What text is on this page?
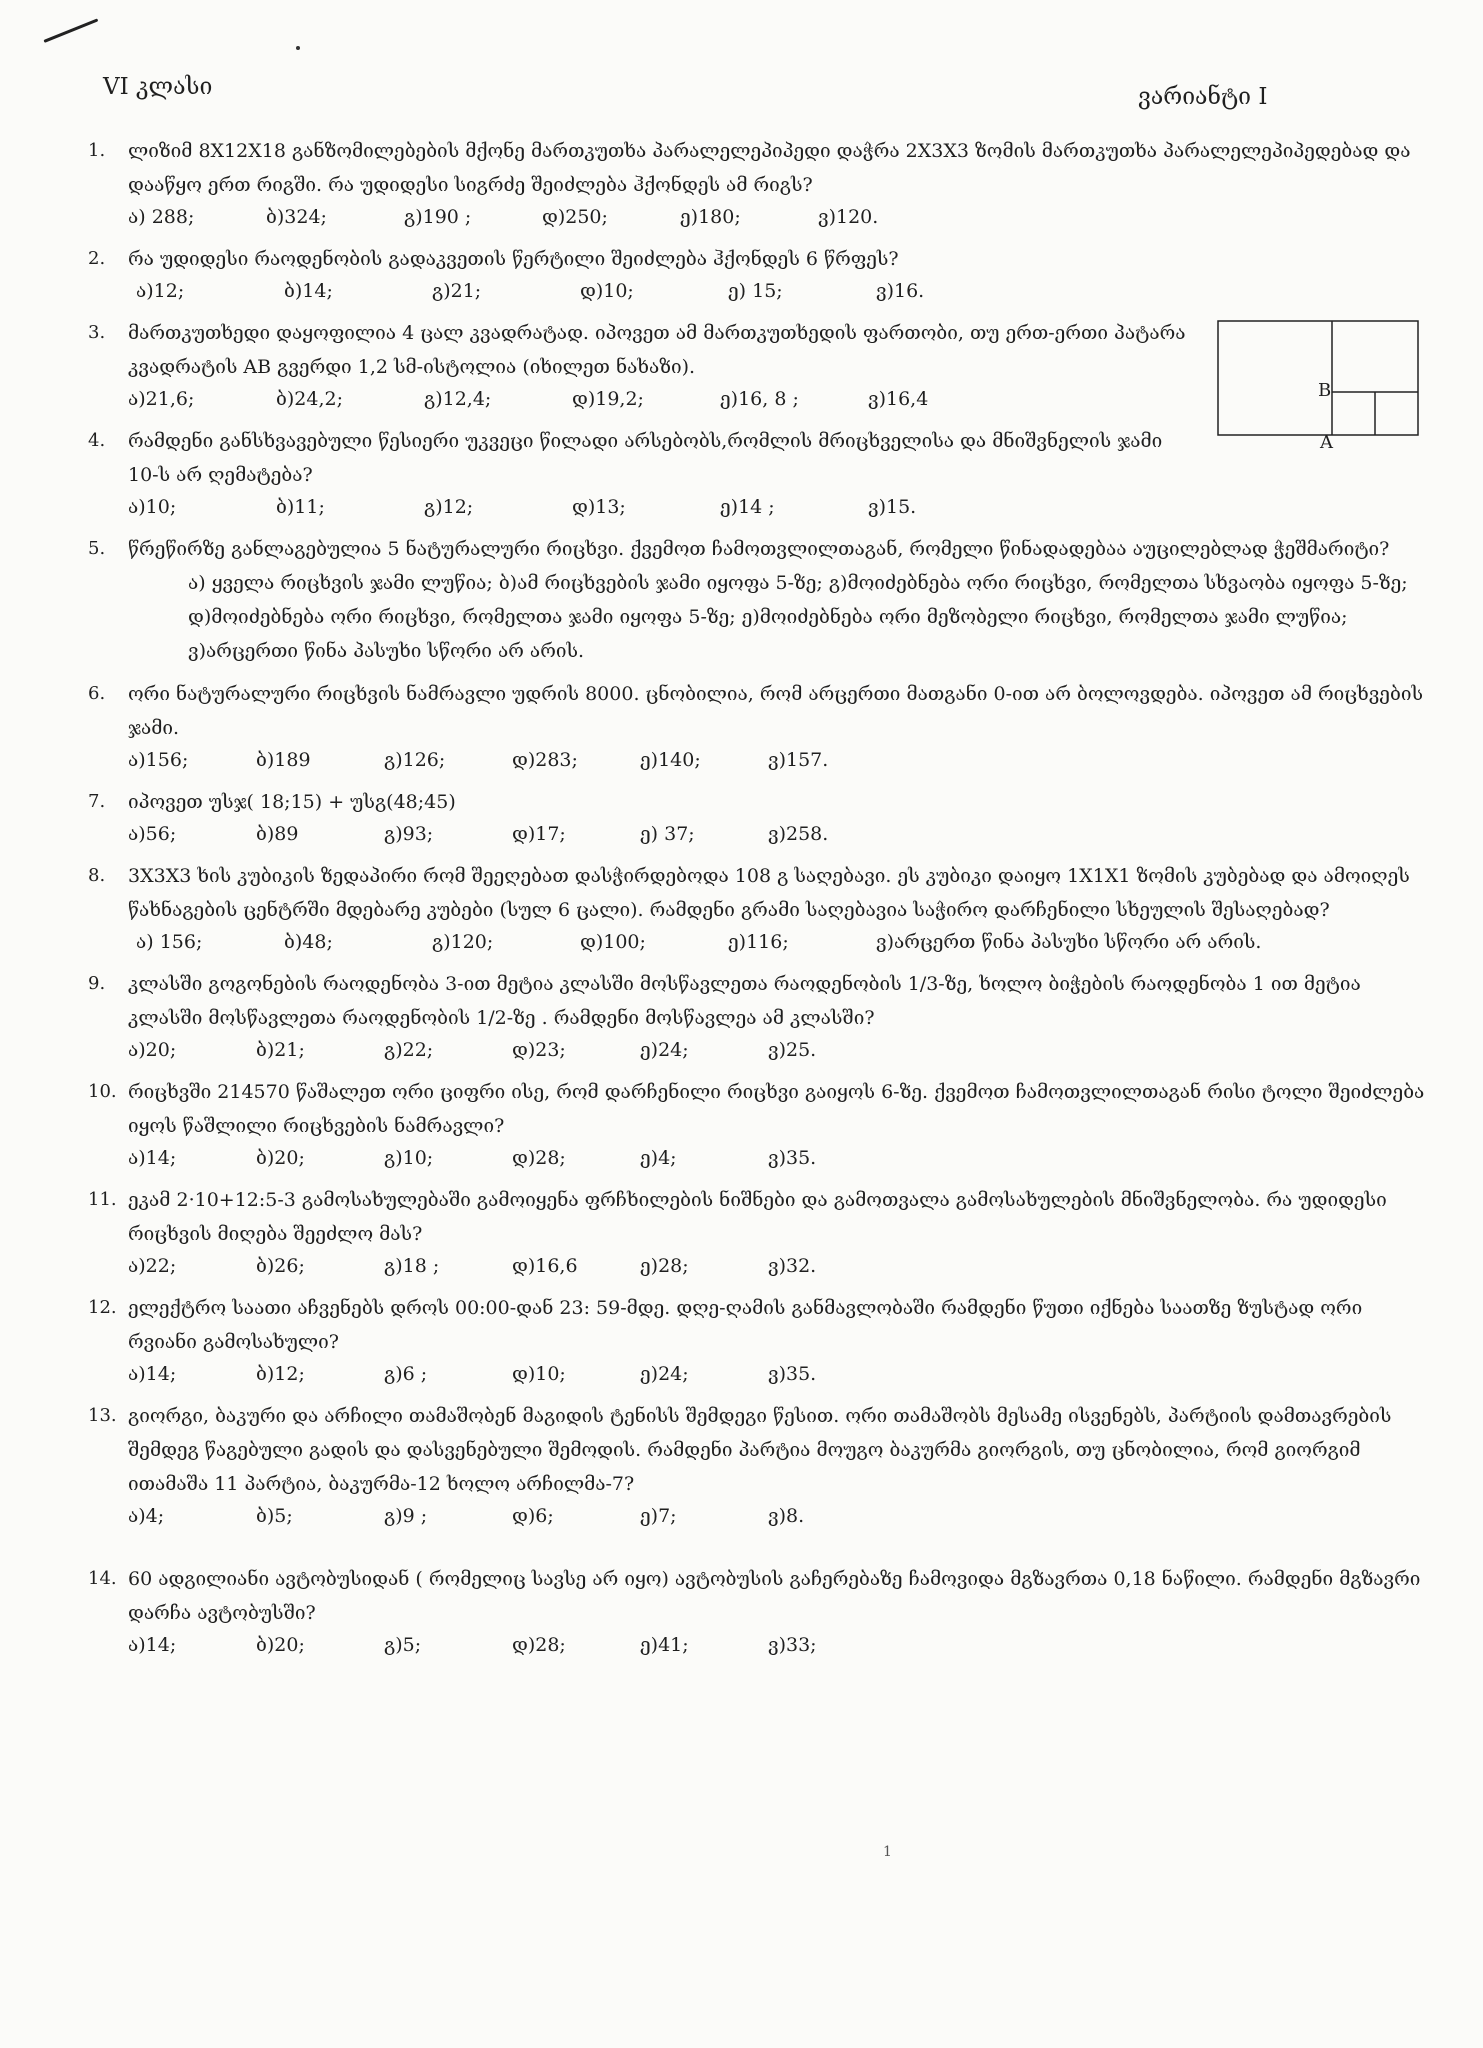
VI კლასი	ვარიანტი I
1.	ლიზიმ 8X12X18 განზომილებების მქონე მართკუთხა პარალელეპიპედი დაჭრა 2X3X3 ზომის მართკუთხა პარალელეპიპედებად და დააწყო ერთ რიგში. რა უდიდესი სიგრძე შეიძლება ჰქონდეს ამ რიგს?
ა) 288;	ბ)324;	გ)190 ;	დ)250;	ე)180;	ვ)120.
2.	რა უდიდესი რაოდენობის გადაკვეთის წერტილი შეიძლება ჰქონდეს 6 წრფეს?
ა)12;	ბ)14;	გ)21;	დ)10;	ე) 15;	ვ)16.
3.	მართკუთხედი დაყოფილია 4 ცალ კვადრატად. იპოვეთ ამ მართკუთხედის ფართობი, თუ ერთ-ერთი პატარა კვადრატის AB გვერდი 1,2 სმ-ისტოლია (იხილეთ ნახაზი).
ა)21,6;	ბ)24,2;	გ)12,4;	დ)19,2;	ე)16, 8 ;	ვ)16,4
4.	რამდენი განსხვავებული წესიერი უკვეცი წილადი არსებობს,რომლის მრიცხველისა და მნიშვნელის ჯამი 10-ს არ ღემატება?
ა)10;	ბ)11;	გ)12;	დ)13;	ე)14 ;	ვ)15.
5.	წრეწირზე განლაგებულია 5 ნატურალური რიცხვი. ქვემოთ ჩამოთვლილთაგან, რომელი წინადადებაა აუცილებლად ჭეშმარიტი?
ა) ყველა რიცხვის ჯამი ლუწია; ბ)ამ რიცხვების ჯამი იყოფა 5-ზე; გ)მოიძებნება ორი რიცხვი, რომელთა სხვაობა იყოფა 5-ზე; დ)მოიძებნება ორი რიცხვი, რომელთა ჯამი იყოფა 5-ზე; ე)მოიძებნება ორი მეზობელი რიცხვი, რომელთა ჯამი ლუწია; ვ)არცერთი წინა პასუხი სწორი არ არის.
6.	ორი ნატურალური რიცხვის ნამრავლი უდრის 8000. ცნობილია, რომ არცერთი მათგანი 0-ით არ ბოლოვდება. იპოვეთ ამ რიცხვების ჯამი.
ა)156;	ბ)189	გ)126;	დ)283;	ე)140;	ვ)157.
7.	იპოვეთ უსჯ( 18;15) + უსგ(48;45)
ა)56;	ბ)89	გ)93;	დ)17;	ე) 37;	ვ)258.
8.	3X3X3 ხის კუბიკის ზედაპირი რომ შეეღებათ დასჭირდებოდა 108 გ საღებავი. ეს კუბიკი დაიყო 1X1X1 ზომის კუბებად და ამოიღეს წახნაგების ცენტრში მდებარე კუბები (სულ 6 ცალი). რამდენი გრამი საღებავია საჭირო დარჩენილი სხეულის შესაღებად?
ა) 156;	ბ)48;	გ)120;	დ)100;	ე)116;	ვ)არცერთ წინა პასუხი სწორი არ არის.
9.	კლასში გოგონების რაოდენობა 3-ით მეტია კლასში მოსწავლეთა რაოდენობის 1/3-ზე, ხოლო ბიჭების რაოდენობა 1 ით მეტია კლასში მოსწავლეთა რაოდენობის 1/2-ზე . რამდენი მოსწავლეა ამ კლასში?
ა)20;	ბ)21;	გ)22;	დ)23;	ე)24;	ვ)25.
10. რიცხვში 214570 წაშალეთ ორი ციფრი ისე, რომ დარჩენილი რიცხვი გაიყოს 6-ზე. ქვემოთ ჩამოთვლილთაგან რისი ტოლი შეიძლება იყოს წაშლილი რიცხვების ნამრავლი?
ა)14;	ბ)20;	გ)10;	დ)28;	ე)4;	ვ)35.
11. ეკამ 2·10+12:5-3 გამოსახულებაში გამოიყენა ფრჩხილების ნიშნები და გამოთვალა გამოსახულების მნიშვნელობა. რა უდიდესი რიცხვის მიღება შეეძლო მას?
ა)22;	ბ)26;	გ)18 ;	დ)16,6	ე)28;	ვ)32.
12. ელექტრო საათი აჩვენებს დროს 00:00-დან 23: 59-მდე. დღე-ღამის განმავლობაში რამდენი წუთი იქნება საათზე ზუსტად ორი რვიანი გამოსახული?
ა)14;	ბ)12;	გ)6 ;	დ)10;	ე)24;	ვ)35.
13. გიორგი, ბაკური და არჩილი თამაშობენ მაგიდის ტენისს შემდეგი წესით. ორი თამაშობს მესამე ისვენებს, პარტიის დამთავრების შემდეგ წაგებული გადის და დასვენებული შემოდის. რამდენი პარტია მოუგო ბაკურმა გიორგის, თუ ცნობილია, რომ გიორგიმ ითამაშა 11 პარტია, ბაკურმა-12 ხოლო არჩილმა-7?
ა)4;	ბ)5;	გ)9 ;	დ)6;	ე)7;	ვ)8.
14. 60 ადგილიანი ავტობუსიდან ( რომელიც სავსე არ იყო) ავტობუსის გაჩერებაზე ჩამოვიდა მგზავრთა 0,18 ნაწილი. რამდენი მგზავრი დარჩა ავტობუსში?
ა)14;	ბ)20;	გ)5;	დ)28;	ე)41;	ვ)33;
B
A
1
